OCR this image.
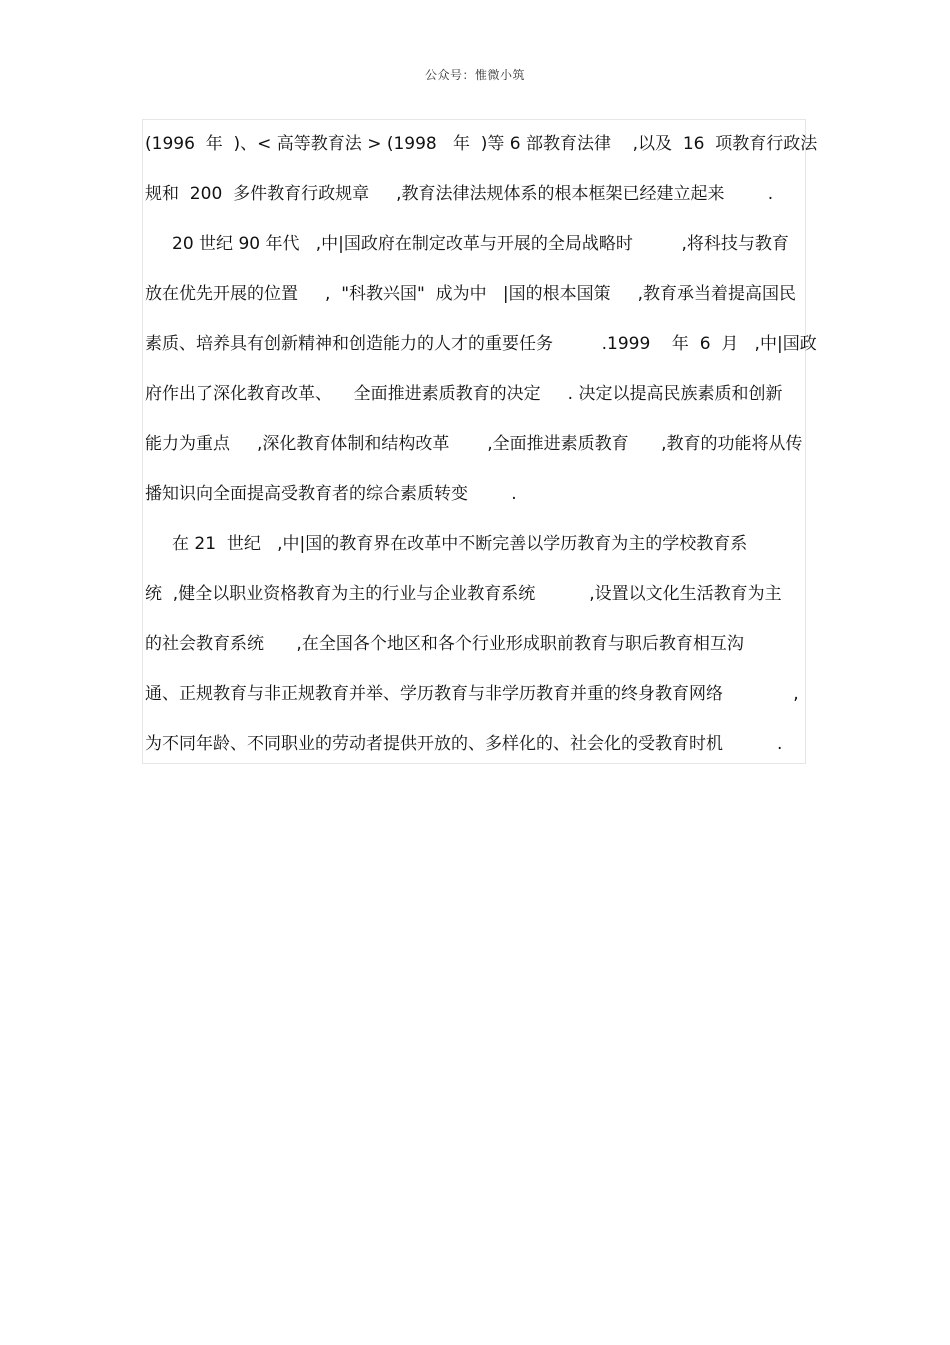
公众号：惟微小筑
(1996  年  )、< 高等教育法 > (1998   年  )等 6 部教育法律    ,以及  16  项教育行政法
规和  200  多件教育行政规章     ,教育法律法规体系的根本框架已经建立起来        .
20 世纪 90 年代   ,中|国政府在制定改革与开展的全局战略时         ,将科技与教育
放在优先开展的位置     ,  "科教兴国"  成为中   |国的根本国策     ,教育承当着提高国民
素质、培养具有创新精神和创造能力的人才的重要任务         .1999    年  6  月   ,中|国政
府作出了深化教育改革、    全面推进素质教育的决定     . 决定以提高民族素质和创新
能力为重点     ,深化教育体制和结构改革       ,全面推进素质教育      ,教育的功能将从传
播知识向全面提高受教育者的综合素质转变        .
在 21  世纪   ,中|国的教育界在改革中不断完善以学历教育为主的学校教育系
统  ,健全以职业资格教育为主的行业与企业教育系统          ,设置以文化生活教育为主
的社会教育系统      ,在全国各个地区和各个行业形成职前教育与职后教育相互沟
通、正规教育与非正规教育并举、学历教育与非学历教育并重的终身教育网络             ,
为不同年龄、不同职业的劳动者提供开放的、多样化的、社会化的受教育时机          .
